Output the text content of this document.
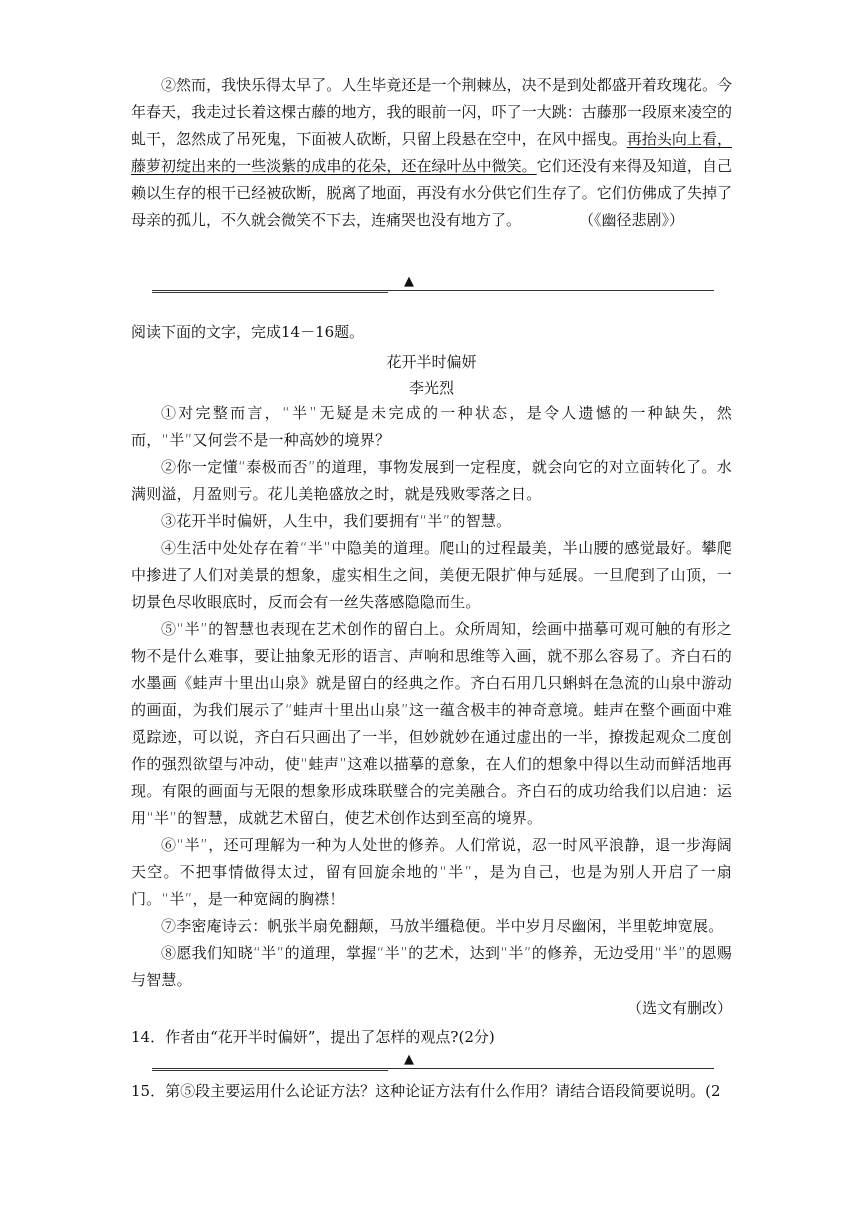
②然而，我快乐得太早了。人生毕竟还是一个荆棘丛，决不是到处都盛开着玫瑰花。今年春天，我走过长着这棵古藤的地方，我的眼前一闪，吓了一大跳：古藤那一段原来凌空的虬干，忽然成了吊死鬼，下面被人砍断，只留上段悬在空中，在风中摇曳。再抬头向上看，藤萝初绽出来的一些淡紫的成串的花朵，还在绿叶丛中微笑。它们还没有来得及知道，自己赖以生存的根干已经被砍断，脱离了地面，再没有水分供它们生存了。它们仿佛成了失掉了母亲的孤儿，不久就会微笑不下去，连痛哭也没有地方了。	（《幽径悲剧》）

▲

阅读下面的文字，完成14－16题。

花开半时偏妍

李光烈

①对完整而言，“半”无疑是未完成的一种状态，是令人遗憾的一种缺失，然而，“半”又何尝不是一种高妙的境界？

②你一定懂“泰极而否”的道理，事物发展到一定程度，就会向它的对立面转化了。水满则溢，月盈则亏。花儿美艳盛放之时，就是残败零落之日。

③花开半时偏妍，人生中，我们要拥有“半”的智慧。

④生活中处处存在着“半”中隐美的道理。爬山的过程最美，半山腰的感觉最好。攀爬中掺进了人们对美景的想象，虚实相生之间，美便无限扩伸与延展。一旦爬到了山顶，一切景色尽收眼底时，反而会有一丝失落感隐隐而生。

⑤“半”的智慧也表现在艺术创作的留白上。众所周知，绘画中描摹可观可触的有形之物不是什么难事，要让抽象无形的语言、声响和思维等入画，就不那么容易了。齐白石的水墨画《蛙声十里出山泉》就是留白的经典之作。齐白石用几只蝌蚪在急流的山泉中游动的画面，为我们展示了“蛙声十里出山泉”这一蕴含极丰的神奇意境。蛙声在整个画面中难觅踪迹，可以说，齐白石只画出了一半，但妙就妙在通过虚出的一半，撩拨起观众二度创作的强烈欲望与冲动，使“蛙声”这难以描摹的意象，在人们的想象中得以生动而鲜活地再现。有限的画面与无限的想象形成珠联璧合的完美融合。齐白石的成功给我们以启迪：运用“半”的智慧，成就艺术留白，使艺术创作达到至高的境界。

⑥“半”，还可理解为一种为人处世的修养。人们常说，忍一时风平浪静，退一步海阔天空。不把事情做得太过，留有回旋余地的“半”，是为自己，也是为别人开启了一扇门。“半”，是一种宽阔的胸襟！

⑦李密庵诗云：帆张半扇免翻颠，马放半缰稳便。半中岁月尽幽闲，半里乾坤宽展。

⑧愿我们知晓“半”的道理，掌握“半”的艺术，达到“半”的修养，无边受用“半”的恩赐与智慧。

（选文有删改）

14．作者由“花开半时偏妍”，提出了怎样的观点?(2分)

▲

15．第⑤段主要运用什么论证方法？这种论证方法有什么作用？请结合语段简要说明。(2
